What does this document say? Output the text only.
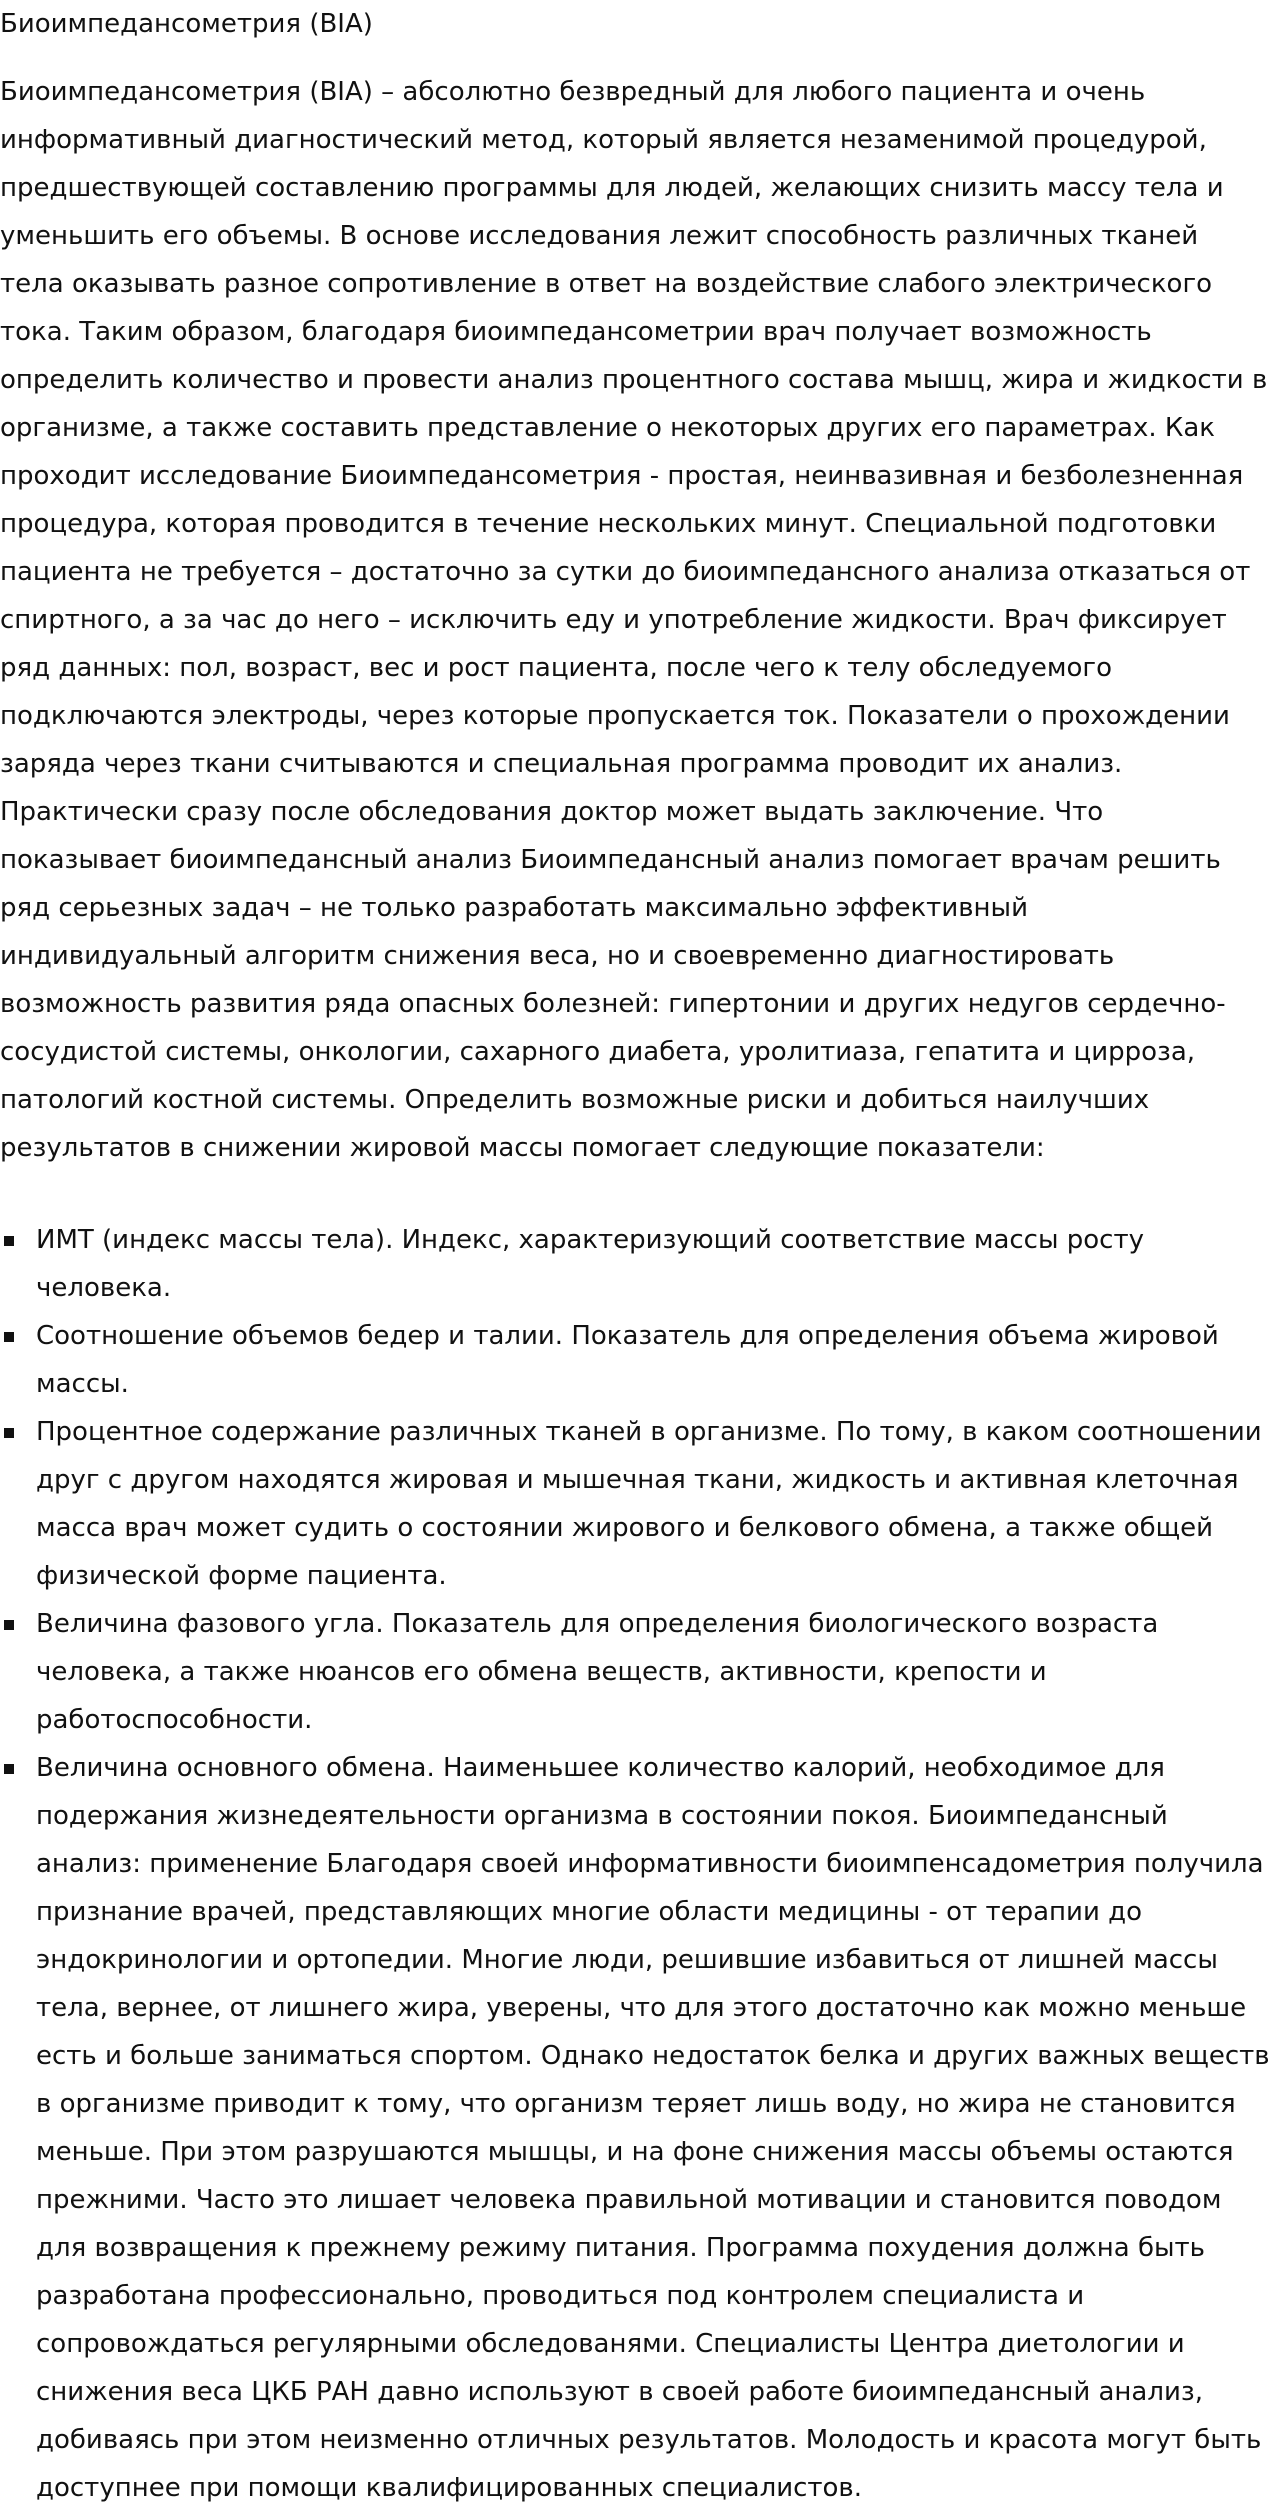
Биоимпедансометрия (BIA)

Биоимпедансометрия (BIA) – абсолютно безвредный для любого пациента и очень информативный диагностический метод, который является незаменимой процедурой, предшествующей составлению программы для людей, желающих снизить массу тела и уменьшить его объемы. В основе исследования лежит способность различных тканей тела оказывать разное сопротивление в ответ на воздействие слабого электрического тока. Таким образом, благодаря биоимпедансометрии врач получает возможность определить количество и провести анализ процентного состава мышц, жира и жидкости в организме, а также составить представление о некоторых других его параметрах. Как проходит исследование Биоимпедансометрия - простая, неинвазивная и безболезненная процедура, которая проводится в течение нескольких минут. Специальной подготовки пациента не требуется – достаточно за сутки до биоимпедансного анализа отказаться от спиртного, а за час до него – исключить еду и употребление жидкости. Врач фиксирует ряд данных: пол, возраст, вес и рост пациента, после чего к телу обследуемого подключаются электроды, через которые пропускается ток. Показатели о прохождении заряда через ткани считываются и специальная программа проводит их анализ. Практически сразу после обследования доктор может выдать заключение. Что показывает биоимпедансный анализ Биоимпедансный анализ помогает врачам решить ряд серьезных задач – не только разработать максимально эффективный индивидуальный алгоритм снижения веса, но и своевременно диагностировать возможность развития ряда опасных болезней: гипертонии и других недугов сердечно-сосудистой системы, онкологии, сахарного диабета, уролитиаза, гепатита и цирроза, патологий костной системы. Определить возможные риски и добиться наилучших результатов в снижении жировой массы помогает следующие показатели:

ИМТ (индекс массы тела). Индекс, характеризующий соответствие массы росту человека.
Соотношение объемов бедер и талии. Показатель для определения объема жировой массы.
Процентное содержание различных тканей в организме. По тому, в каком соотношении друг с другом находятся жировая и мышечная ткани, жидкость и активная клеточная масса врач может судить о состоянии жирового и белкового обмена, а также общей физической форме пациента.
Величина фазового угла. Показатель для определения биологического возраста человека, а также нюансов его обмена веществ, активности, крепости и работоспособности.
Величина основного обмена. Наименьшее количество калорий, необходимое для подержания жизнедеятельности организма в состоянии покоя. Биоимпедансный анализ: применение Благодаря своей информативности биоимпенсадометрия получила признание врачей, представляющих многие области медицины - от терапии до эндокринологии и ортопедии. Многие люди, решившие избавиться от лишней массы тела, вернее, от лишнего жира, уверены, что для этого достаточно как можно меньше есть и больше заниматься спортом. Однако недостаток белка и других важных веществ в организме приводит к тому, что организм теряет лишь воду, но жира не становится меньше. При этом разрушаются мышцы, и на фоне снижения массы объемы остаются прежними. Часто это лишает человека правильной мотивации и становится поводом для возвращения к прежнему режиму питания. Программа похудения должна быть разработана профессионально, проводиться под контролем специалиста и сопровождаться регулярными обследованями. Специалисты Центра диетологии и снижения веса ЦКБ РАН давно используют в своей работе биоимпедансный анализ, добиваясь при этом неизменно отличных результатов. Молодость и красота могут быть доступнее при помощи квалифицированных специалистов.
